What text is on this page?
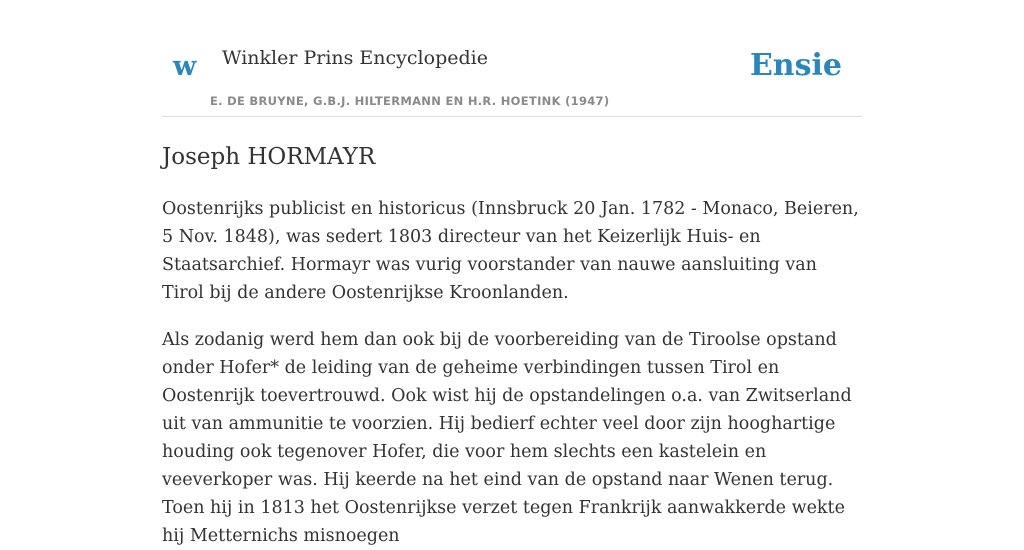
w Winkler Prins Encyclopedie
E. DE BRUYNE, G.B.J. HILTERMANN EN H.R. HOETINK (1947)
Ensie
Joseph HORMAYR

Oostenrijks publicist en historicus (Innsbruck 20 Jan. 1782 - Monaco, Beieren, 5 Nov. 1848), was sedert 1803 directeur van het Keizerlijk Huis- en Staatsarchief. Hormayr was vurig voorstander van nauwe aansluiting van Tirol bij de andere Oostenrijkse Kroonlanden.

Als zodanig werd hem dan ook bij de voorbereiding van de Tiroolse opstand onder Hofer* de leiding van de geheime verbindingen tussen Tirol en Oostenrijk toevertrouwd. Ook wist hij de opstandelingen o.a. van Zwitserland uit van ammunitie te voorzien. Hij bedierf echter veel door zijn hooghartige houding ook tegenover Hofer, die voor hem slechts een kastelein en veeverkoper was. Hij keerde na het eind van de opstand naar Wenen terug. Toen hij in 1813 het Oostenrijkse verzet tegen Frankrijk aanwakkerde wekte hij Metternichs misnoegen
